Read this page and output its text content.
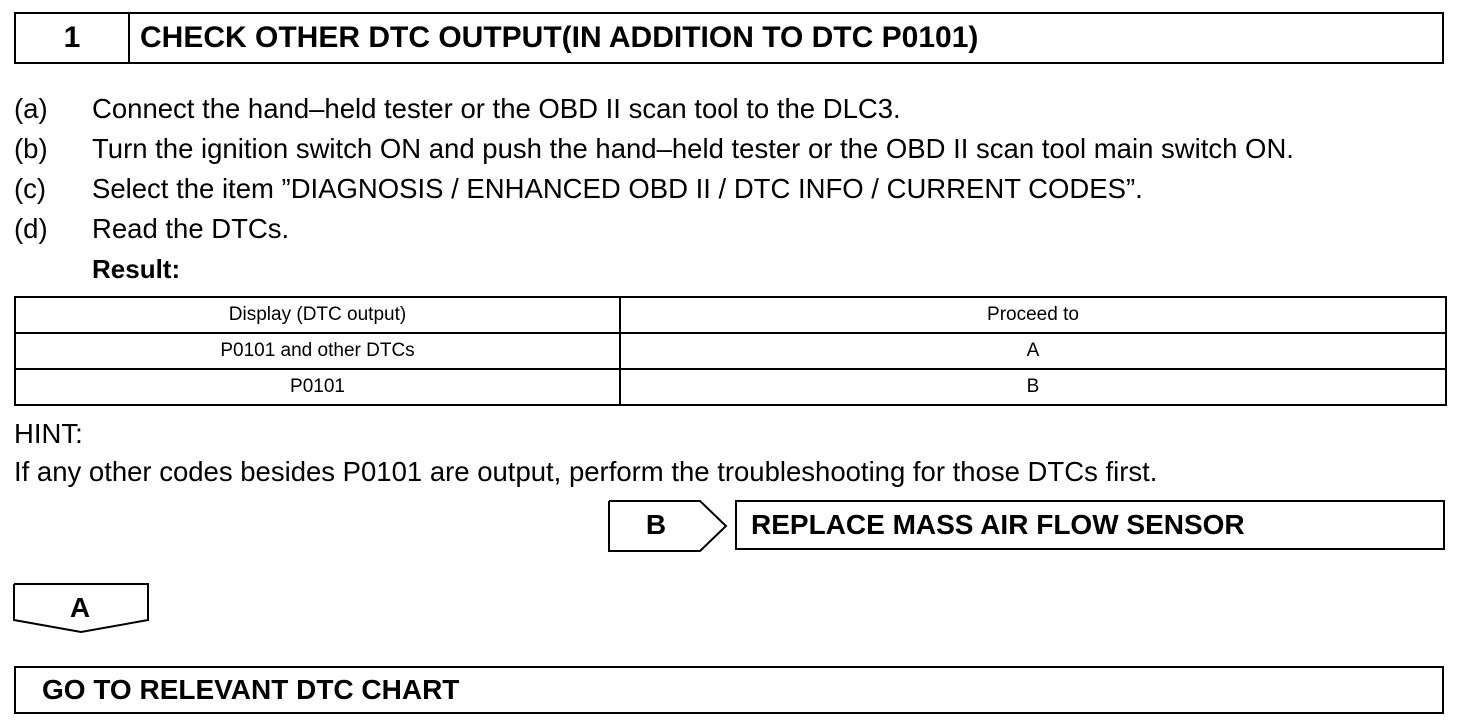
1	CHECK OTHER DTC OUTPUT(IN ADDITION TO DTC P0101)
(a) Connect the hand–held tester or the OBD II scan tool to the DLC3.
(b) Turn the ignition switch ON and push the hand–held tester or the OBD II scan tool main switch ON.
(c) Select the item ”DIAGNOSIS / ENHANCED OBD II / DTC INFO / CURRENT CODES”.
(d) Read the DTCs.
Result:
Display (DTC output)	Proceed to
P0101 and other DTCs	A
P0101	B
HINT:
If any other codes besides P0101 are output, perform the troubleshooting for those DTCs first.
B	REPLACE MASS AIR FLOW SENSOR
A
GO TO RELEVANT DTC CHART
